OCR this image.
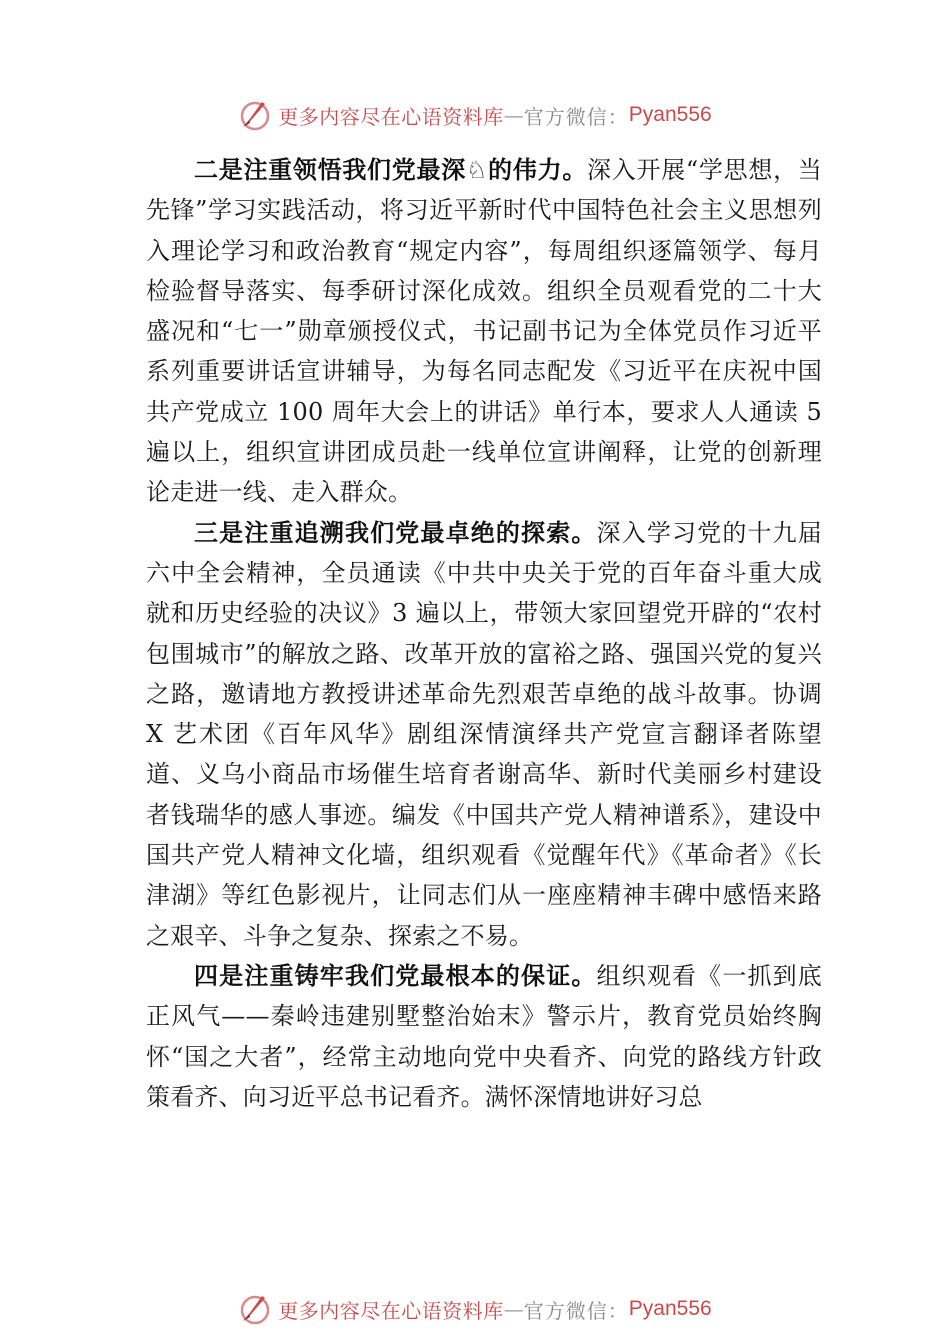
更多内容尽在心语资料库 — 官方微信： Pyan556

二是注重领悟我们党最深♘的伟力。深入开展“学思想，当先锋”学习实践活动，将习近平新时代中国特色社会主义思想列入理论学习和政治教育“规定内容”，每周组织逐篇领学、每月检验督导落实、每季研讨深化成效。组织全员观看党的二十大盛况和“七一”勋章颁授仪式，书记副书记为全体党员作习近平系列重要讲话宣讲辅导，为每名同志配发《习近平在庆祝中国共产党成立 100 周年大会上的讲话》单行本，要求人人通读 5 遍以上，组织宣讲团成员赴一线单位宣讲阐释，让党的创新理论走进一线、走入群众。

三是注重追溯我们党最卓绝的探索。深入学习党的十九届六中全会精神，全员通读《中共中央关于党的百年奋斗重大成就和历史经验的决议》3 遍以上，带领大家回望党开辟的“农村包围城市”的解放之路、改革开放的富裕之路、强国兴党的复兴之路，邀请地方教授讲述革命先烈艰苦卓绝的战斗故事。协调 X 艺术团《百年风华》剧组深情演绎共产党宣言翻译者陈望道、义乌小商品市场催生培育者谢高华、新时代美丽乡村建设者钱瑞华的感人事迹。编发《中国共产党人精神谱系》，建设中国共产党人精神文化墙，组织观看《觉醒年代》《革命者》《长津湖》等红色影视片，让同志们从一座座精神丰碑中感悟来路之艰辛、斗争之复杂、探索之不易。

四是注重铸牢我们党最根本的保证。组织观看《一抓到底正风气——秦岭违建别墅整治始末》警示片，教育党员始终胸怀“国之大者”，经常主动地向党中央看齐、向党的路线方针政策看齐、向习近平总书记看齐。满怀深情地讲好习总

更多内容尽在心语资料库 — 官方微信： Pyan556
